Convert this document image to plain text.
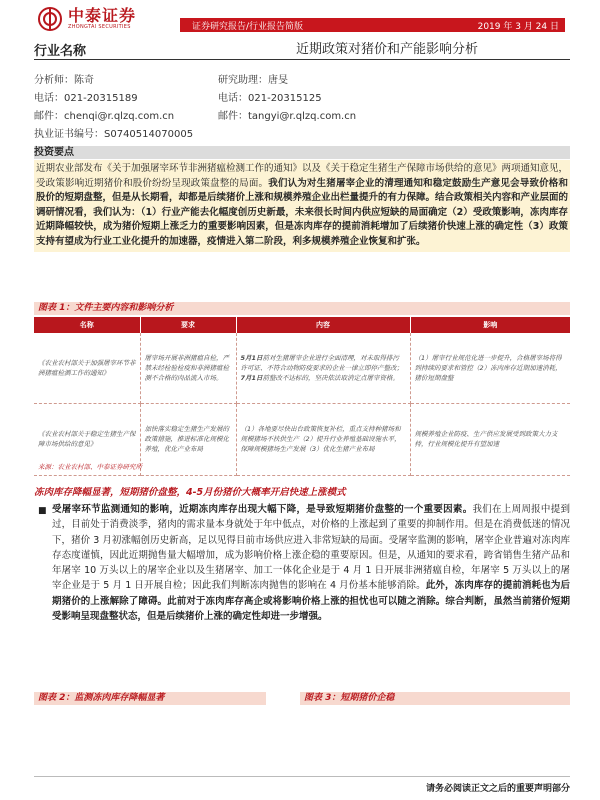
中泰证券
ZHONGTAI SECURITIES	证券研究报告/行业报告简版	2019 年 3 月 24 日
行业名称	近期政策对猪价和产能影响分析
分析师：陈奇
电话：021-20315189
邮件：chenqi@r.qlzq.com.cn
执业证书编号：S0740514070005
研究助理：唐旻
电话：021-20315125
邮件：tangyi@r.qlzq.com.cn
投资要点
近期农业部发布《关于加强屠宰环节非洲猪瘟检测工作的通知》以及《关于稳定生猪生产保障市场供给的意见》两项通知意见，受政策影响近期猪价和股价纷纷呈现政策盘整的局面。我们认为对生猪屠宰企业的清理通知和稳定鼓励生产意见会导致价格和股价的短期盘整，但是从长期看，却都是后续猪价上涨和规模养殖企业出栏量提升的有力保障。结合政策相关内容和产业层面的调研情况看，我们认为：（1）行业产能去化幅度创历史新最，未来很长时间内供应短缺的局面确定（2）受政策影响，冻肉库存近期降幅较快，成为猪价短期上涨乏力的重要影响因素，但是冻肉库存的提前消耗增加了后续猪价快速上涨的确定性（3）政策支持有望成为行业工业化提升的加速器，疫情进入第二阶段，利多规模养殖企业恢复和扩张。
图表 1：文件主要内容和影响分析
名称	要求	内容	影响
《农业农村部关于加强屠宰环节非洲猪瘟检测工作的通知》	屠宰场开展非洲猪瘟自检，严禁未经检验检疫和非洲猪瘟检测不合格的肉品流入市场。	5月1日前对生猪屠宰企业进行全面清理，对未取得排污许可证、不符合动物防疫要求的企业一律立即停产整改；7月1日前整改不达标的，坚决依法取消定点屠宰资格。	（1）屠宰行业规范化进一步提升，合格屠宰场将得到持续的要求和管控（2）冻肉库存近期加速消耗，猪价短期盘整
《农业农村部关于稳定生猪生产保障市场供给的意见》	加快落实稳定生猪生产发展的政策措施，推进标准化规模化养殖，优化产业布局	（1）各地要尽快出台政策恢复补栏，重点支持种猪场和规模猪场不扶供生产（2）提升行业养殖基础设施水平，保障规模猪场生产发展（3）优化生猪产业布局	规模养殖企业防疫、生产供应发展受到政策大力支持，行业规模化提升有望加速
来源：农业农村部、中泰证券研究所
冻肉库存降幅显著，短期猪价盘整，4-5月份猪价大概率开启快速上涨模式
■ 受屠宰环节监测通知的影响，近期冻肉库存出现大幅下降，是导致短期猪价盘整的一个重要因素。我们在上周周报中提到过，目前处于消费淡季，猪肉的需求量本身就处于年中低点，对价格的上涨起到了重要的抑制作用。但是在消费低迷的情况下，猪价 3 月初涨幅创历史新高，足以见得目前市场供应进入非常短缺的局面。受屠宰监测的影响，屠宰企业普遍对冻肉库存态度谨慎，因此近期抛售量大幅增加，成为影响价格上涨企稳的重要原因。但是，从通知的要求看，跨省销售生猪产品和年屠宰 10 万头以上的屠宰企业以及生猪屠宰、加工一体化企业是于 4 月 1 日开展非洲猪瘟自检，年屠宰 5 万头以上的屠宰企业是于 5 月 1 日开展自检；因此我们判断冻肉抛售的影响在 4 月份基本能够消除。此外，冻肉库存的提前消耗也为后期猪价的上涨解除了障碍。此前对于冻肉库存高企或将影响价格上涨的担忧也可以随之消除。综合判断，虽然当前猪价短期受影响呈现盘整状态，但是后续猪价上涨的确定性却进一步增强。
图表 2：监测冻肉库存降幅显著	图表 3：短期猪价企稳
请务必阅读正文之后的重要声明部分
